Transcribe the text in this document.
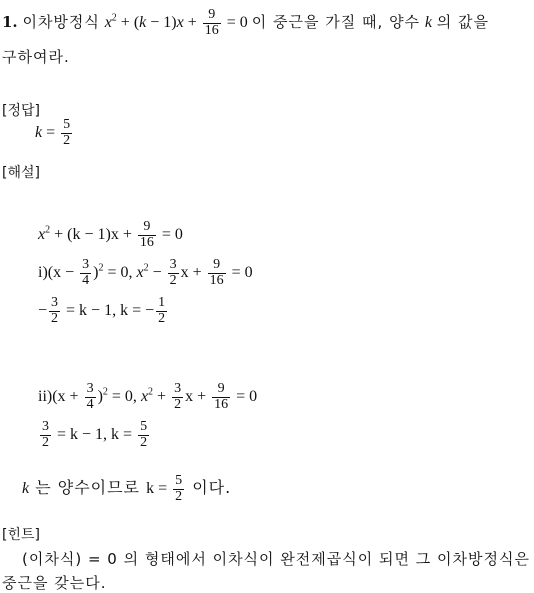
1. 이차방정식 $x^2 + (k - 1)x + \frac{9}{16} = 0$ 이 중근을 가질 때, 양수 k 의 값을
구하여라.
[정답]
$k = \frac{5}{2}$
[해설]
$x^2 + (k - 1)x + \frac{9}{16} = 0$
$i)(x - \frac{3}{4} )^2 = 0$, $x^2 - \frac{3}{2}$ $x + \frac{9}{16} = 0$
− $\frac{3}{2} = k - 1$, k = − $\frac{1}{2}$
$ii)(x + \frac{3}{4} )^2 = 0$, $x^2 + \frac{3}{2}$ $x + \frac{9}{16} = 0$
$\frac{3}{2} = k - 1$, $k = \frac{5}{2}$
k 는 양수이므로 $k = \frac{5}{2}$ 이다.
[힌트]
(이차식) = 0 의 형태에서 이차식이 완전제곱식이 되면 그 이차방정식은
중근을 갖는다.
